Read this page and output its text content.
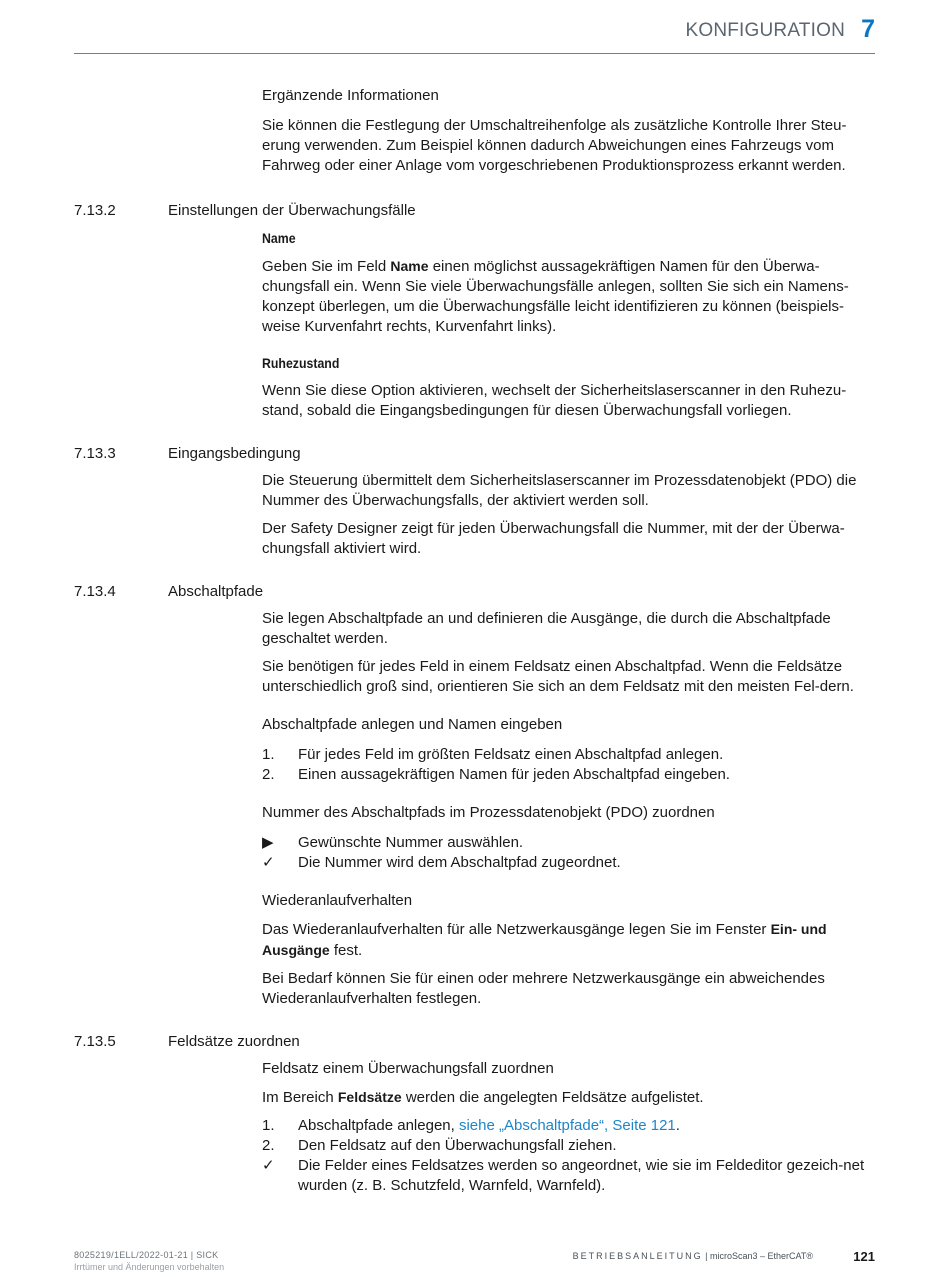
KONFIGURATION 7

Ergänzende Informationen

Sie können die Festlegung der Umschaltreihenfolge als zusätzliche Kontrolle Ihrer Steu-erung verwenden. Zum Beispiel können dadurch Abweichungen eines Fahrzeugs vom Fahrweg oder einer Anlage vom vorgeschriebenen Produktionsprozess erkannt werden.

7.13.2	Einstellungen der Überwachungsfälle
Name

Geben Sie im Feld Name einen möglichst aussagekräftigen Namen für den Überwa-chungsfall ein. Wenn Sie viele Überwachungsfälle anlegen, sollten Sie sich ein Namens-konzept überlegen, um die Überwachungsfälle leicht identifizieren zu können (beispiels-weise Kurvenfahrt rechts, Kurvenfahrt links).

Ruhezustand

Wenn Sie diese Option aktivieren, wechselt der Sicherheitslaserscanner in den Ruhezu-stand, sobald die Eingangsbedingungen für diesen Überwachungsfall vorliegen.

7.13.3	Eingangsbedingung

Die Steuerung übermittelt dem Sicherheitslaserscanner im Prozessdatenobjekt (PDO) die Nummer des Überwachungsfalls, der aktiviert werden soll.

Der Safety Designer zeigt für jeden Überwachungsfall die Nummer, mit der der Überwa-chungsfall aktiviert wird.

7.13.4	Abschaltpfade

Sie legen Abschaltpfade an und definieren die Ausgänge, die durch die Abschaltpfade geschaltet werden.

Sie benötigen für jedes Feld in einem Feldsatz einen Abschaltpfad. Wenn die Feldsätze unterschiedlich groß sind, orientieren Sie sich an dem Feldsatz mit den meisten Fel-dern.

Abschaltpfade anlegen und Namen eingeben

1. Für jedes Feld im größten Feldsatz einen Abschaltpfad anlegen.
2. Einen aussagekräftigen Namen für jeden Abschaltpfad eingeben.

Nummer des Abschaltpfads im Prozessdatenobjekt (PDO) zuordnen

▶ Gewünschte Nummer auswählen.
✓ Die Nummer wird dem Abschaltpfad zugeordnet.

Wiederanlaufverhalten

Das Wiederanlaufverhalten für alle Netzwerkausgänge legen Sie im Fenster Ein- und Ausgänge fest.

Bei Bedarf können Sie für einen oder mehrere Netzwerkausgänge ein abweichendes Wiederanlaufverhalten festlegen.

7.13.5	Feldsätze zuordnen

Feldsatz einem Überwachungsfall zuordnen

Im Bereich Feldsätze werden die angelegten Feldsätze aufgelistet.

1. Abschaltpfade anlegen, siehe „Abschaltpfade“, Seite 121.
2. Den Feldsatz auf den Überwachungsfall ziehen.
✓ Die Felder eines Feldsatzes werden so angeordnet, wie sie im Feldeditor gezeich-net wurden (z. B. Schutzfeld, Warnfeld, Warnfeld).
8025219/1ELL/2022-01-21 | SICK
Irrtümer und Änderungen vorbehalten
BETRIEBSANLEITUNG | microScan3 – EtherCAT®	121
